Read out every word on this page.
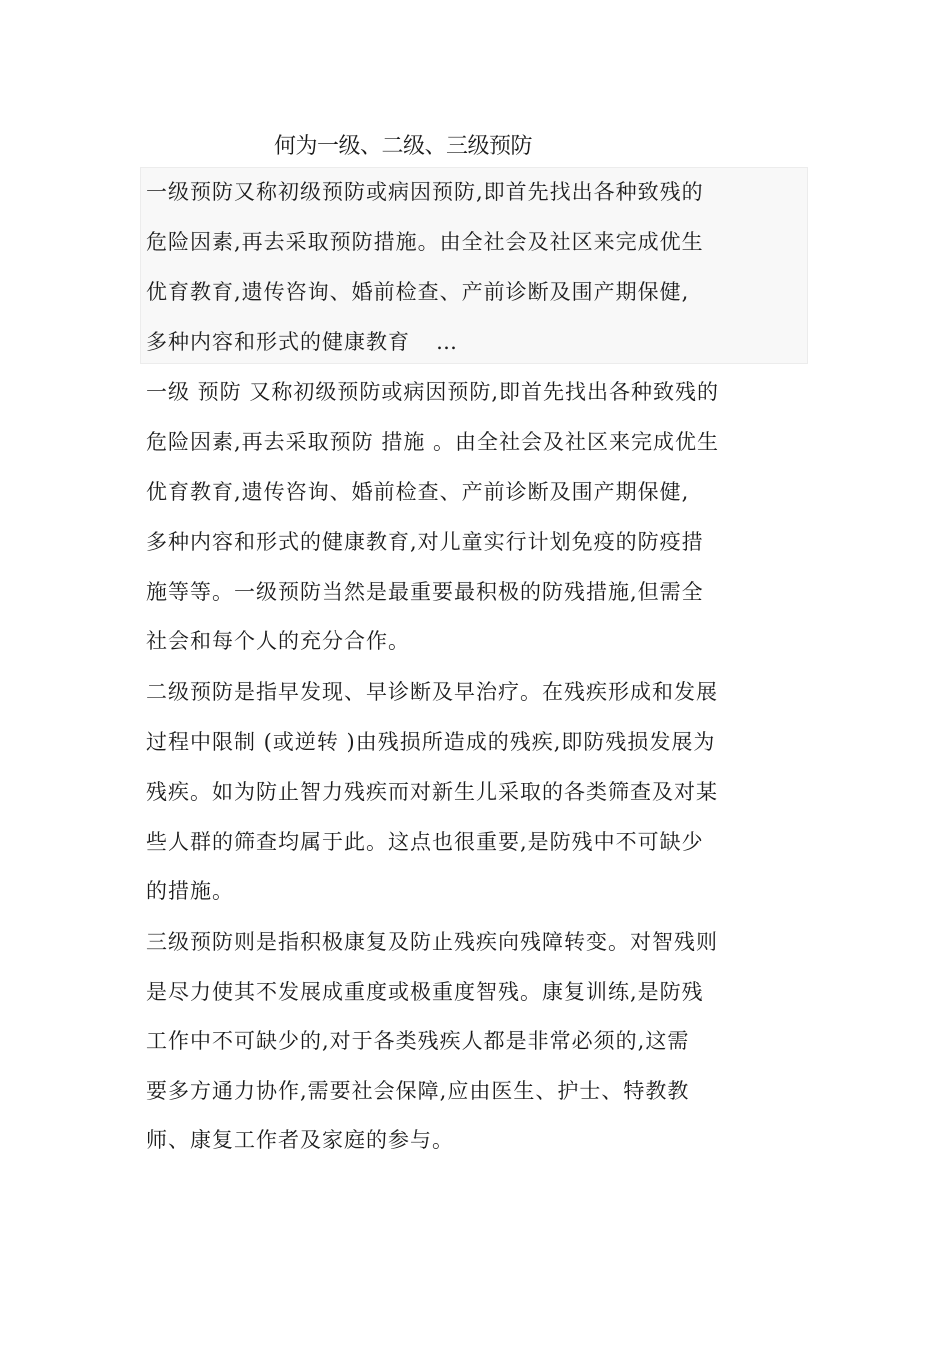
何为一级、二级、三级预防
一级预防又称初级预防或病因预防,即首先找出各种致残的
危险因素,再去采取预防措施。由全社会及社区来完成优生
优育教育,遗传咨询、婚前检查、产前诊断及围产期保健,
多种内容和形式的健康教育 …
一级 预防 又称初级预防或病因预防,即首先找出各种致残的
危险因素,再去采取预防 措施 。由全社会及社区来完成优生
优育教育,遗传咨询、婚前检查、产前诊断及围产期保健,
多种内容和形式的健康教育,对儿童实行计划免疫的防疫措
施等等。一级预防当然是最重要最积极的防残措施,但需全
社会和每个人的充分合作。
二级预防是指早发现、早诊断及早治疗。在残疾形成和发展
过程中限制 (或逆转 )由残损所造成的残疾,即防残损发展为
残疾。如为防止智力残疾而对新生儿采取的各类筛查及对某
些人群的筛查均属于此。这点也很重要,是防残中不可缺少
的措施。
三级预防则是指积极康复及防止残疾向残障转变。对智残则
是尽力使其不发展成重度或极重度智残。康复训练,是防残
工作中不可缺少的,对于各类残疾人都是非常必须的,这需
要多方通力协作,需要社会保障,应由医生、护士、特教教
师、康复工作者及家庭的参与。
